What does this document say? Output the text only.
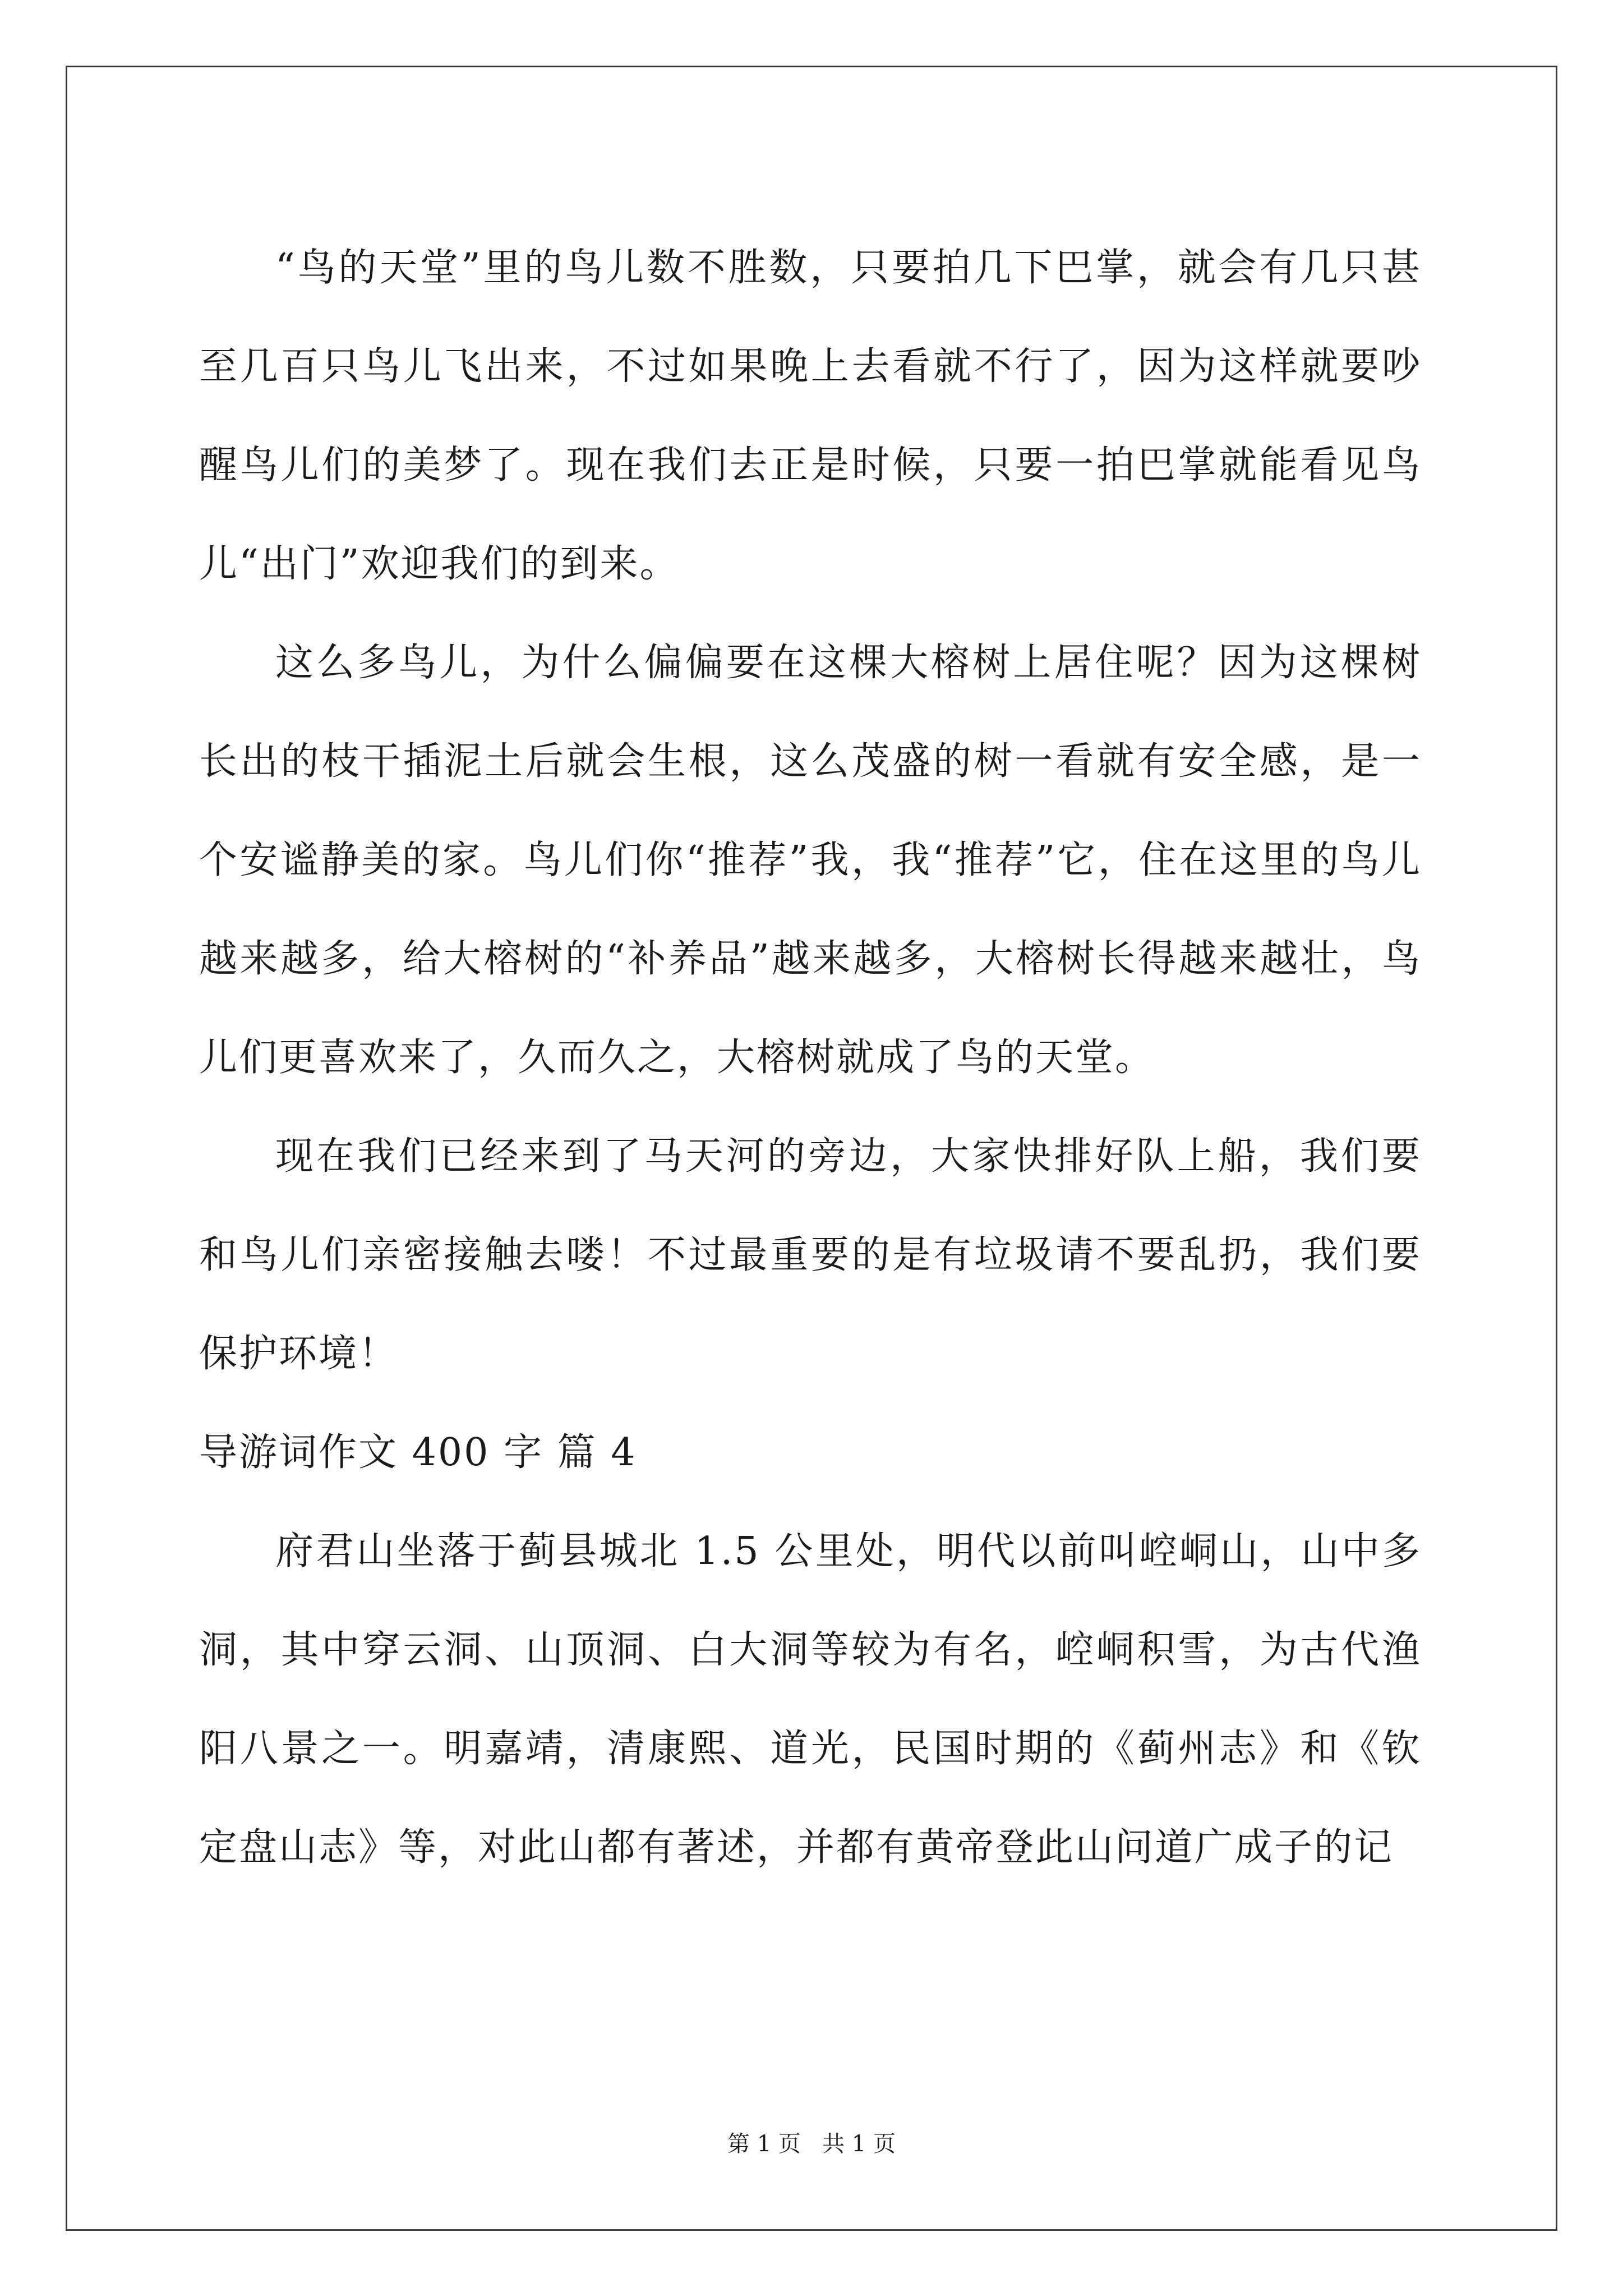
“鸟的天堂”里的鸟儿数不胜数，只要拍几下巴掌，就会有几只甚至几百只鸟儿飞出来，不过如果晚上去看就不行了，因为这样就要吵醒鸟儿们的美梦了。现在我们去正是时候，只要一拍巴掌就能看见鸟儿“出门”欢迎我们的到来。

这么多鸟儿，为什么偏偏要在这棵大榕树上居住呢？因为这棵树长出的枝干插泥土后就会生根，这么茂盛的树一看就有安全感，是一个安谧静美的家。鸟儿们你“推荐”我，我“推荐”它，住在这里的鸟儿越来越多，给大榕树的“补养品”越来越多，大榕树长得越来越壮，鸟儿们更喜欢来了，久而久之，大榕树就成了鸟的天堂。

现在我们已经来到了马天河的旁边，大家快排好队上船，我们要和鸟儿们亲密接触去喽！不过最重要的是有垃圾请不要乱扔，我们要保护环境！

导游词作文 400 字 篇 4

府君山坐落于蓟县城北 1.5 公里处，明代以前叫崆峒山，山中多洞，其中穿云洞、山顶洞、白大洞等较为有名，崆峒积雪，为古代渔阳八景之一。明嘉靖，清康熙、道光，民国时期的《蓟州志》和《钦定盘山志》等，对此山都有著述，并都有黄帝登此山问道广成子的记

第 1 页   共 1 页
